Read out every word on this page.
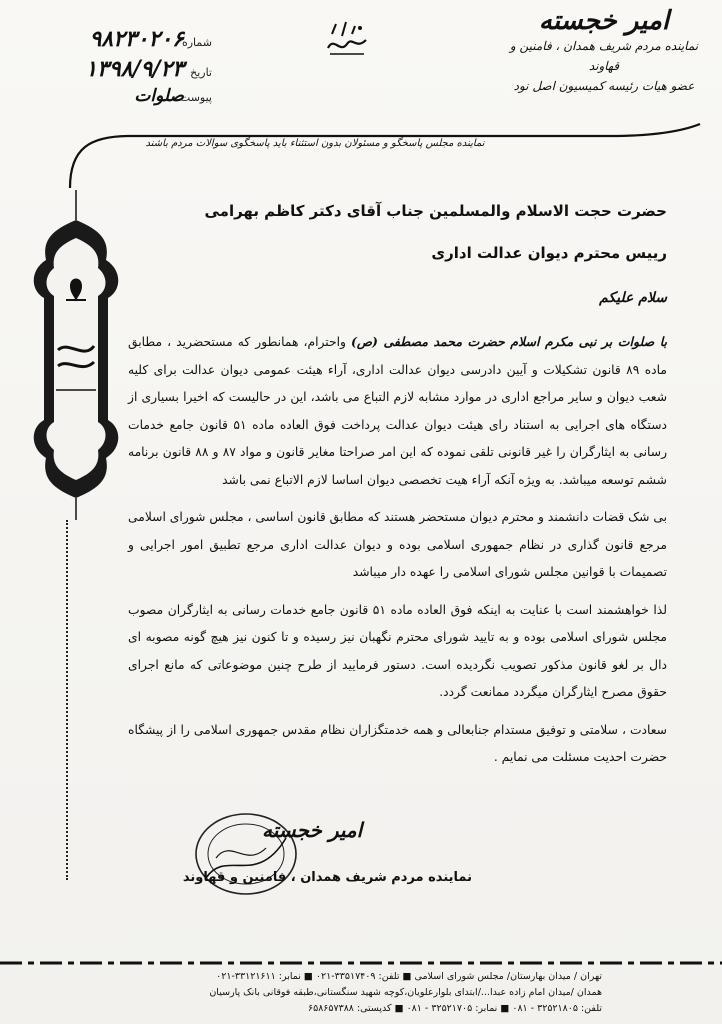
امیر خجسته
نماینده مردم شریف همدان ، فامنین و قهاوند
عضو هیات رئیسه کمیسیون اصل نود
شماره
۹۸۲۳۰۲۰۶
تاریخ
۱۳۹۸/۹/۲۳
پیوست
صلوات
نماینده مجلس پاسخگو و مسئولان بدون استثناء باید پاسخگوی سوالات مردم باشند
حضرت حجت الاسلام والمسلمین جناب آقای دکتر کاظم بهرامی
رییس محترم دیوان عدالت اداری
سلام علیکم

با صلوات بر نبی مکرم اسلام حضرت محمد مصطفی (ص) واحترام، همانطور که مستحضرید ، مطابق ماده ۸۹ قانون تشکیلات و آیین دادرسی دیوان عدالت اداری، آراء هیئت عمومی دیوان عدالت برای کلیه شعب دیوان و سایر مراجع اداری در موارد مشابه لازم التباع می باشد، این در حالیست که اخیرا بسیاری از دستگاه های اجرایی به استناد رای هیئت دیوان عدالت پرداخت فوق العاده ماده ۵۱ قانون جامع خدمات رسانی به ایثارگران را غیر قانونی تلقی نموده که این امر صراحتا مغایر قانون و مواد ۸۷ و ۸۸ قانون برنامه ششم توسعه میباشد. به ویژه آنکه آراء هیت تخصصی دیوان اساسا لازم الاتباع نمی باشد

بی شک قضات دانشمند و محترم دیوان مستحضر هستند که مطابق قانون اساسی ، مجلس شورای اسلامی مرجع قانون گذاری در نظام جمهوری اسلامی بوده و دیوان عدالت اداری مرجع تطبیق امور اجرایی و تصمیمات با قوانین مجلس شورای اسلامی را عهده دار میباشد

لذا خواهشمند است با عنایت به اینکه فوق العاده ماده ۵۱ قانون جامع خدمات رسانی به ایثارگران مصوب مجلس شورای اسلامی بوده و به تایید شورای محترم نگهبان نیز رسیده و تا کنون نیز هیچ گونه مصوبه ای دال بر لغو قانون مذکور تصویب نگردیده است. دستور فرمایید از طرح چنین موضوعاتی که مانع اجرای حقوق مصرح ایثارگران میگردد ممانعت گردد.

سعادت ، سلامتی و توفیق مستدام جنابعالی و همه خدمتگزاران نظام مقدس جمهوری اسلامی را از پیشگاه حضرت احدیت مسئلت می نمایم .

امیر خجسته
نماینده مردم شریف همدان ، فامنین و قهاوند
تهران / میدان بهارستان/ مجلس شورای اسلامی ■ تلفن: ۳۳۵۱۷۴۰۹-۰۲۱ ■ نمابر: ۳۳۱۲۱۶۱۱-۰۲۱
همدان /میدان امام زاده عبدا.../ابتدای بلوارعلویان،کوچه شهید سنگستانی،طبقه فوقانی بانک پارسیان
تلفن: ۳۲۵۲۱۸۰۵ - ۰۸۱ ■ نمابر: ۳۲۵۲۱۷۰۵ - ۰۸۱ ■ کدپستی: ۶۵۸۶۵۷۳۸۸
